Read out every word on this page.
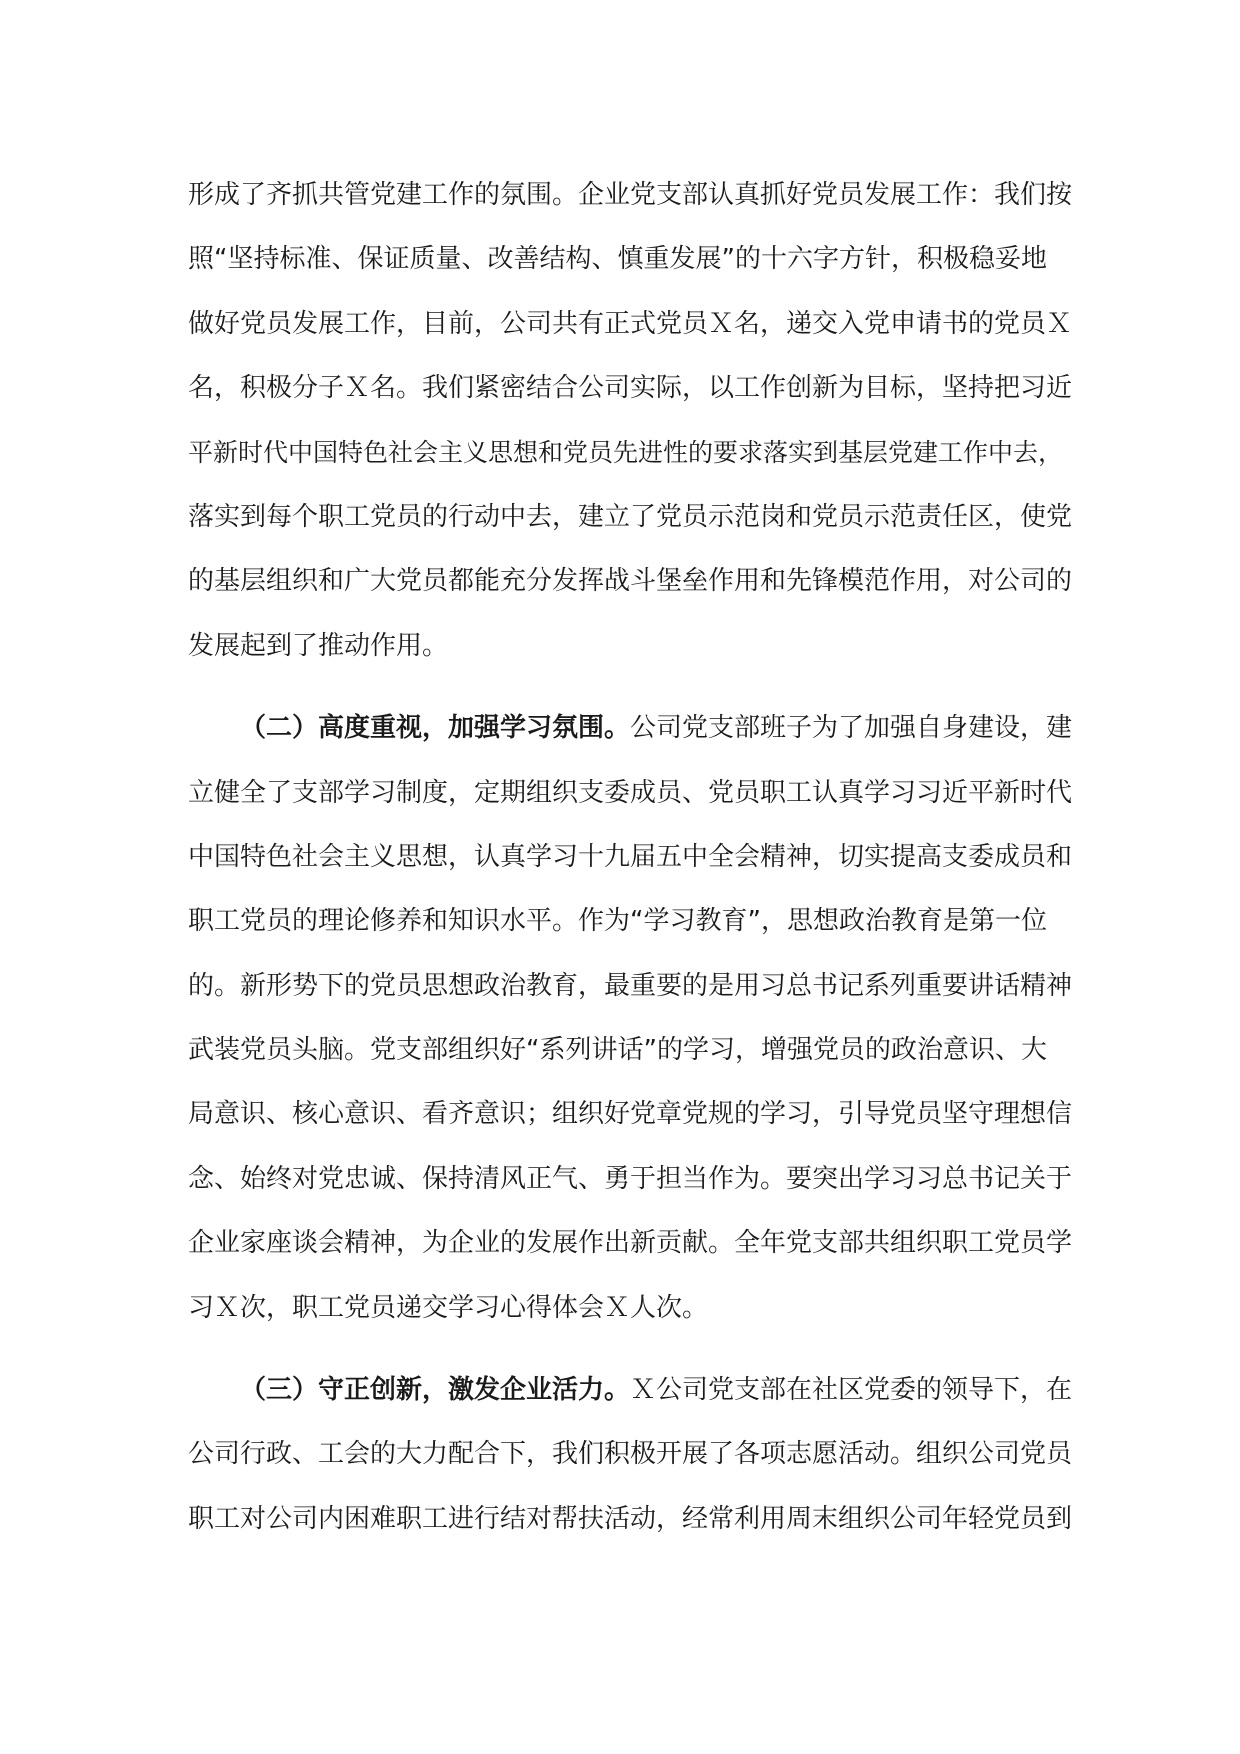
形成了齐抓共管党建工作的氛围。企业党支部认真抓好党员发展工作：我们按
照“坚持标准、保证质量、改善结构、慎重发展”的十六字方针，积极稳妥地
做好党员发展工作，目前，公司共有正式党员Ｘ名，递交入党申请书的党员Ｘ
名，积极分子Ｘ名。我们紧密结合公司实际，以工作创新为目标，坚持把习近
平新时代中国特色社会主义思想和党员先进性的要求落实到基层党建工作中去，
落实到每个职工党员的行动中去，建立了党员示范岗和党员示范责任区，使党
的基层组织和广大党员都能充分发挥战斗堡垒作用和先锋模范作用，对公司的
发展起到了推动作用。
（二）高度重视，加强学习氛围。公司党支部班子为了加强自身建设，建
立健全了支部学习制度，定期组织支委成员、党员职工认真学习习近平新时代
中国特色社会主义思想，认真学习十九届五中全会精神，切实提高支委成员和
职工党员的理论修养和知识水平。作为“学习教育”，思想政治教育是第一位
的。新形势下的党员思想政治教育，最重要的是用习总书记系列重要讲话精神
武装党员头脑。党支部组织好“系列讲话”的学习，增强党员的政治意识、大
局意识、核心意识、看齐意识；组织好党章党规的学习，引导党员坚守理想信
念、始终对党忠诚、保持清风正气、勇于担当作为。要突出学习习总书记关于
企业家座谈会精神，为企业的发展作出新贡献。全年党支部共组织职工党员学
习Ｘ次，职工党员递交学习心得体会Ｘ人次。
（三）守正创新，激发企业活力。Ｘ公司党支部在社区党委的领导下，在
公司行政、工会的大力配合下，我们积极开展了各项志愿活动。组织公司党员
职工对公司内困难职工进行结对帮扶活动，经常利用周末组织公司年轻党员到
